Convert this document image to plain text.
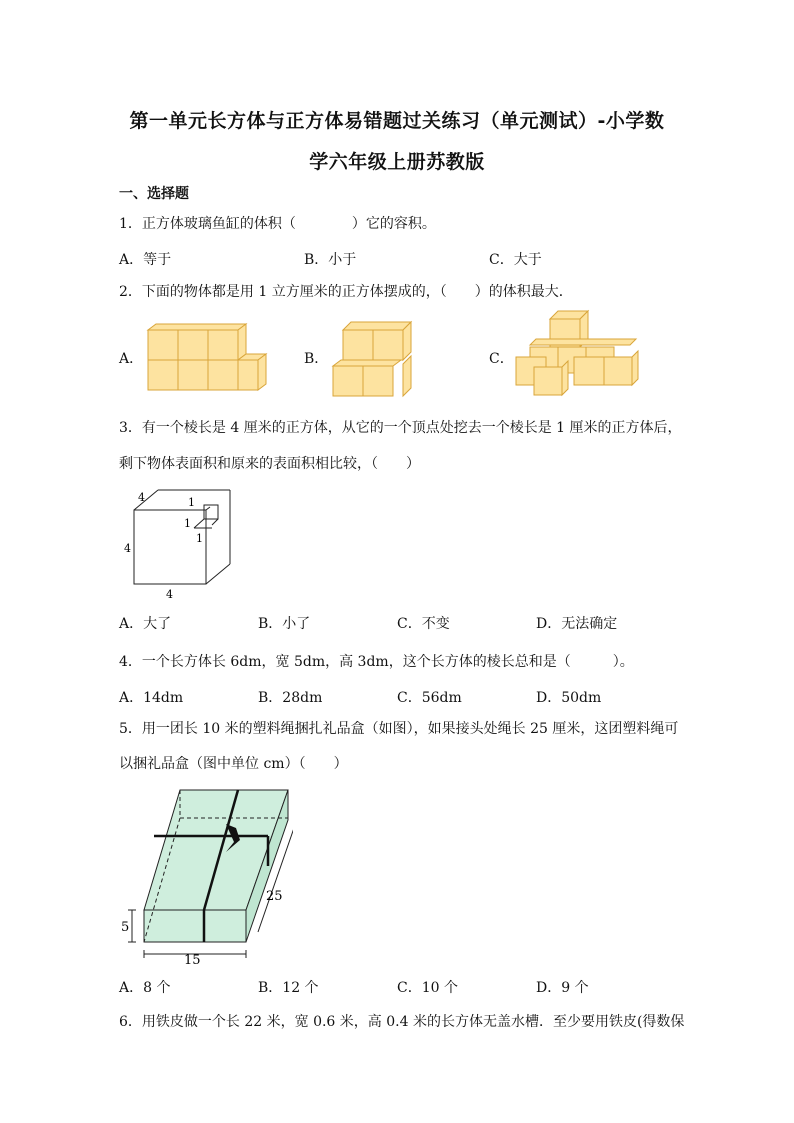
第一单元长方体与正方体易错题过关练习（单元测试）-小学数
学六年级上册苏教版
一、选择题
1．正方体玻璃鱼缸的体积（　　　　）它的容积。
A．等于	B．小于	C．大于
2．下面的物体都是用 1 立方厘米的正方体摆成的，（　　）的体积最大．
A．	B．	C．
3．有一个棱长是 4 厘米的正方体，从它的一个顶点处挖去一个棱长是 1 厘米的正方体后，
剩下物体表面积和原来的表面积相比较，（　　）
4
4
4
1
1
1
A．大了	B．小了	C．不变	D．无法确定
4．一个长方体长 6dm，宽 5dm，高 3dm，这个长方体的棱长总和是（　　　）。
A．14dm	B．28dm	C．56dm	D．50dm
5．用一团长 10 米的塑料绳捆扎礼品盒（如图），如果接头处绳长 25 厘米，这团塑料绳可
以捆礼品盒（图中单位 cm）（　　）
5
15
25
A．8 个	B．12 个	C．10 个	D．9 个
6．用铁皮做一个长 22 米，宽 0.6 米，高 0.4 米的长方体无盖水槽．至少要用铁皮(得数保
